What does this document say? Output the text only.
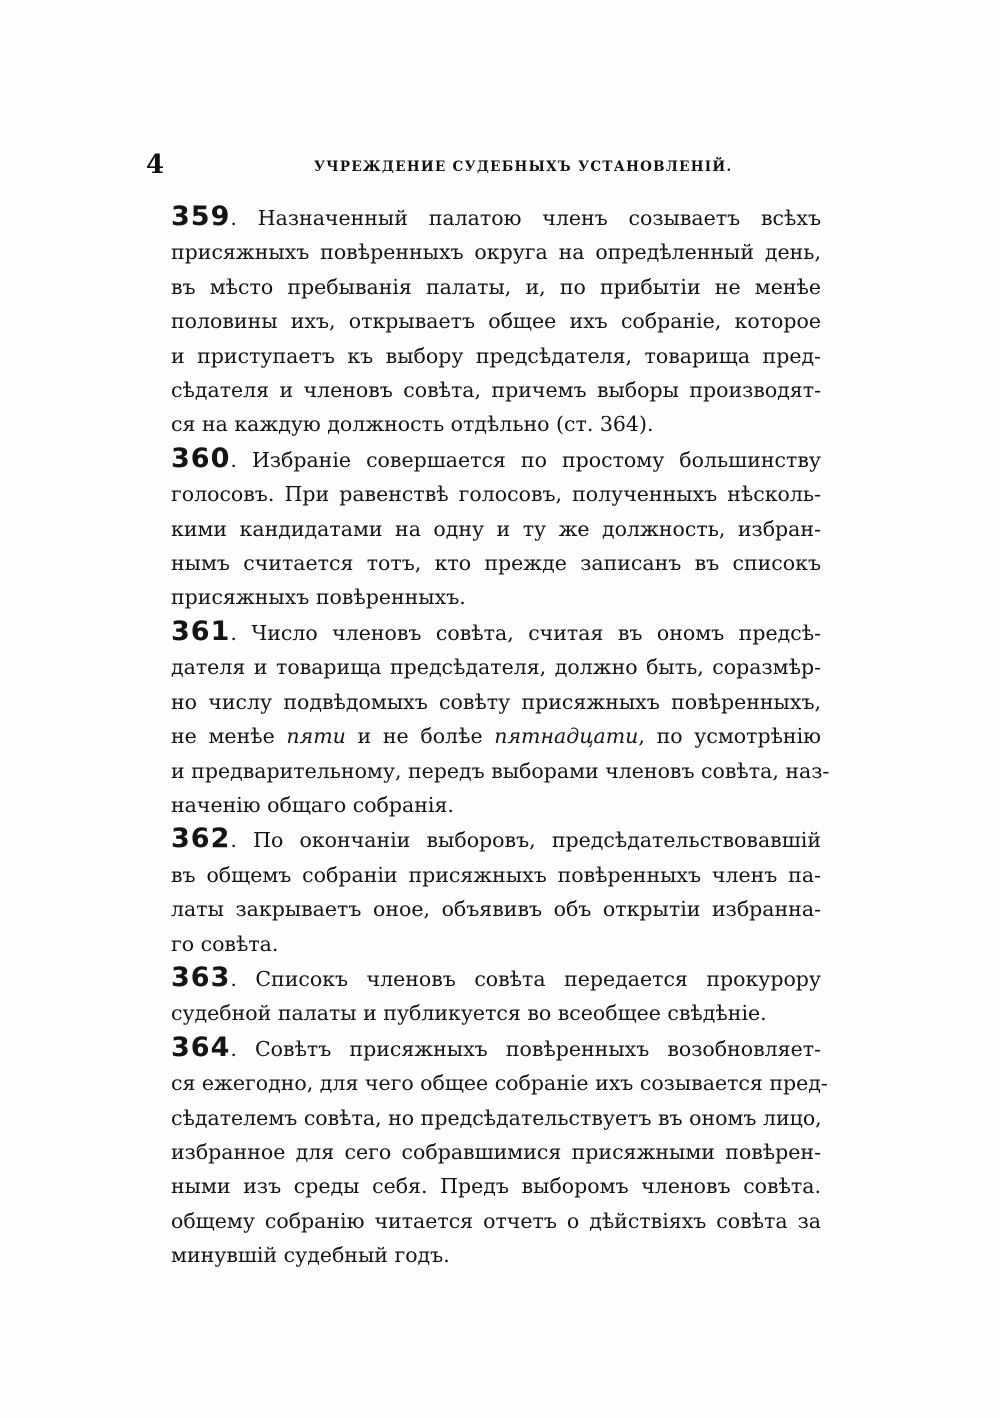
4	УЧРЕЖДЕНИЕ СУДЕБНЫХЪ УСТАНОВЛЕНІЙ.
359. Назначенный палатою членъ созываетъ всѣхъ
присяжныхъ повѣренныхъ округа на опредѣленный день,
въ мѣсто пребыванія палаты, и, по прибытіи не менѣе
половины ихъ, открываетъ общее ихъ собраніе, которое
и приступаетъ къ выбору предсѣдателя, товарища пред-
сѣдателя и членовъ совѣта, причемъ выборы производят-
ся на каждую должность отдѣльно (ст. 364).
360. Избраніе совершается по простому большинству
голосовъ. При равенствѣ голосовъ, полученныхъ нѣсколь-
кими кандидатами на одну и ту же должность, избран-
нымъ считается тотъ, кто прежде записанъ въ списокъ
присяжныхъ повѣренныхъ.
361. Число членовъ совѣта, считая въ ономъ предсѣ-
дателя и товарища предсѣдателя, должно быть, соразмѣр-
но числу подвѣдомыхъ совѣту присяжныхъ повѣренныхъ,
не менѣе пяти и не болѣе пятнадцати, по усмотрѣнію
и предварительному, передъ выборами членовъ совѣта, наз-
наченію общаго собранія.
362. По окончаніи выборовъ, предсѣдательствовавшій
въ общемъ собраніи присяжныхъ повѣренныхъ членъ па-
латы закрываетъ оное, объявивъ объ открытіи избранна-
го совѣта.
363. Списокъ членовъ совѣта передается прокурору
судебной палаты и публикуется во всеобщее свѣдѣніе.
364. Совѣтъ присяжныхъ повѣренныхъ возобновляет-
ся ежегодно, для чего общее собраніе ихъ созывается пред-
сѣдателемъ совѣта, но предсѣдательствуетъ въ ономъ лицо,
избранное для сего собравшимися присяжными повѣрен-
ными изъ среды себя. Предъ выборомъ членовъ совѣта.
общему собранію читается отчетъ о дѣйствіяхъ совѣта за
минувшій судебный годъ.
